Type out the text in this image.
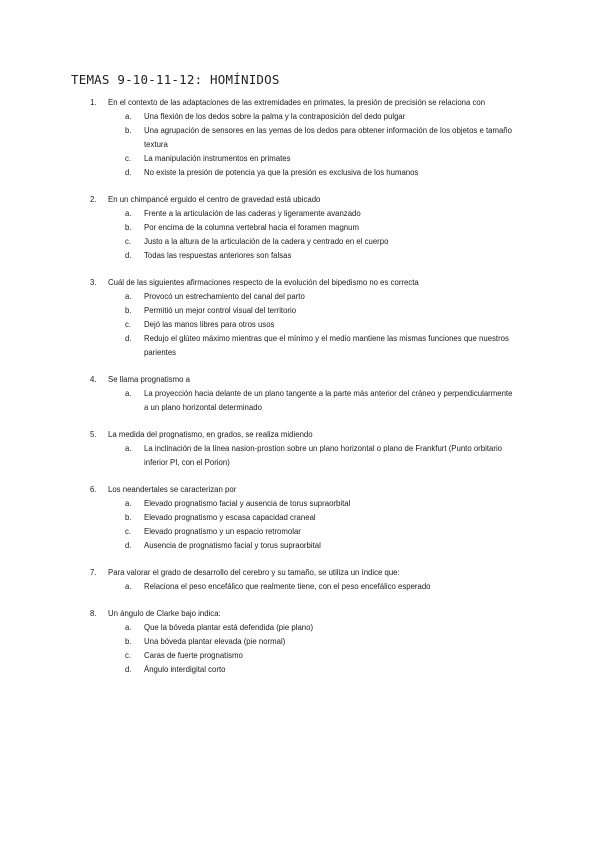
TEMAS 9-10-11-12: HOMÍNIDOS
1.	En el contexto de las adaptaciones de las extremidades en primates, la presión de precisión se relaciona con
a.	Una flexión de los dedos sobre la palma y la contraposición del dedo pulgar
b.	Una agrupación de sensores en las yemas de los dedos para obtener información de los objetos e tamaño textura
c.	La manipulación instrumentos en primates
d.	No existe la presión de potencia ya que la presión es exclusiva de los humanos
2.	En un chimpancé erguido el centro de gravedad está ubicado
a.	Frente a la articulación de las caderas y ligeramente avanzado
b.	Por encima de la columna vertebral hacia el foramen magnum
c.	Justo a la altura de la articulación de la cadera y centrado en el cuerpo
d.	Todas las respuestas anteriores son falsas
3.	Cuál de las siguientes afirmaciones respecto de la evolución del bipedismo no es correcta
a.	Provocó un estrechamiento del canal del parto
b.	Permitió un mejor control visual del territorio
c.	Dejó las manos libres para otros usos
d.	Redujo el glúteo máximo mientras que el mínimo y el medio mantiene las mismas funciones que nuestros parientes
4.	Se llama prognatismo a
a.	La proyección hacia delante de un plano tangente a la parte más anterior del cráneo y perpendicularmente a un plano horizontal determinado
5.	La medida del prognatismo, en grados, se realiza midiendo
a.	La inclinación de la línea nasion-prostion sobre un plano horizontal o plano de Frankfurt (Punto orbitario inferior PI, con el Porion)
6.	Los neandertales se caracterizan por
a.	Elevado prognatismo facial y ausencia de torus supraorbital
b.	Elevado prognatismo y escasa capacidad craneal
c.	Elevado prognatismo y un espacio retromolar
d.	Ausencia de prognatismo facial y torus supraorbital
7.	Para valorar el grado de desarrollo del cerebro y su tamaño, se utiliza un índice que:
a.	Relaciona el peso encefálico que realmente tiene, con el peso encefálico esperado
8.	Un ángulo de Clarke bajo indica:
a.	Que la bóveda plantar está defendida (pie plano)
b.	Una bóveda plantar elevada (pie normal)
c.	Caras de fuerte prognatismo
d.	Ángulo interdigital corto
